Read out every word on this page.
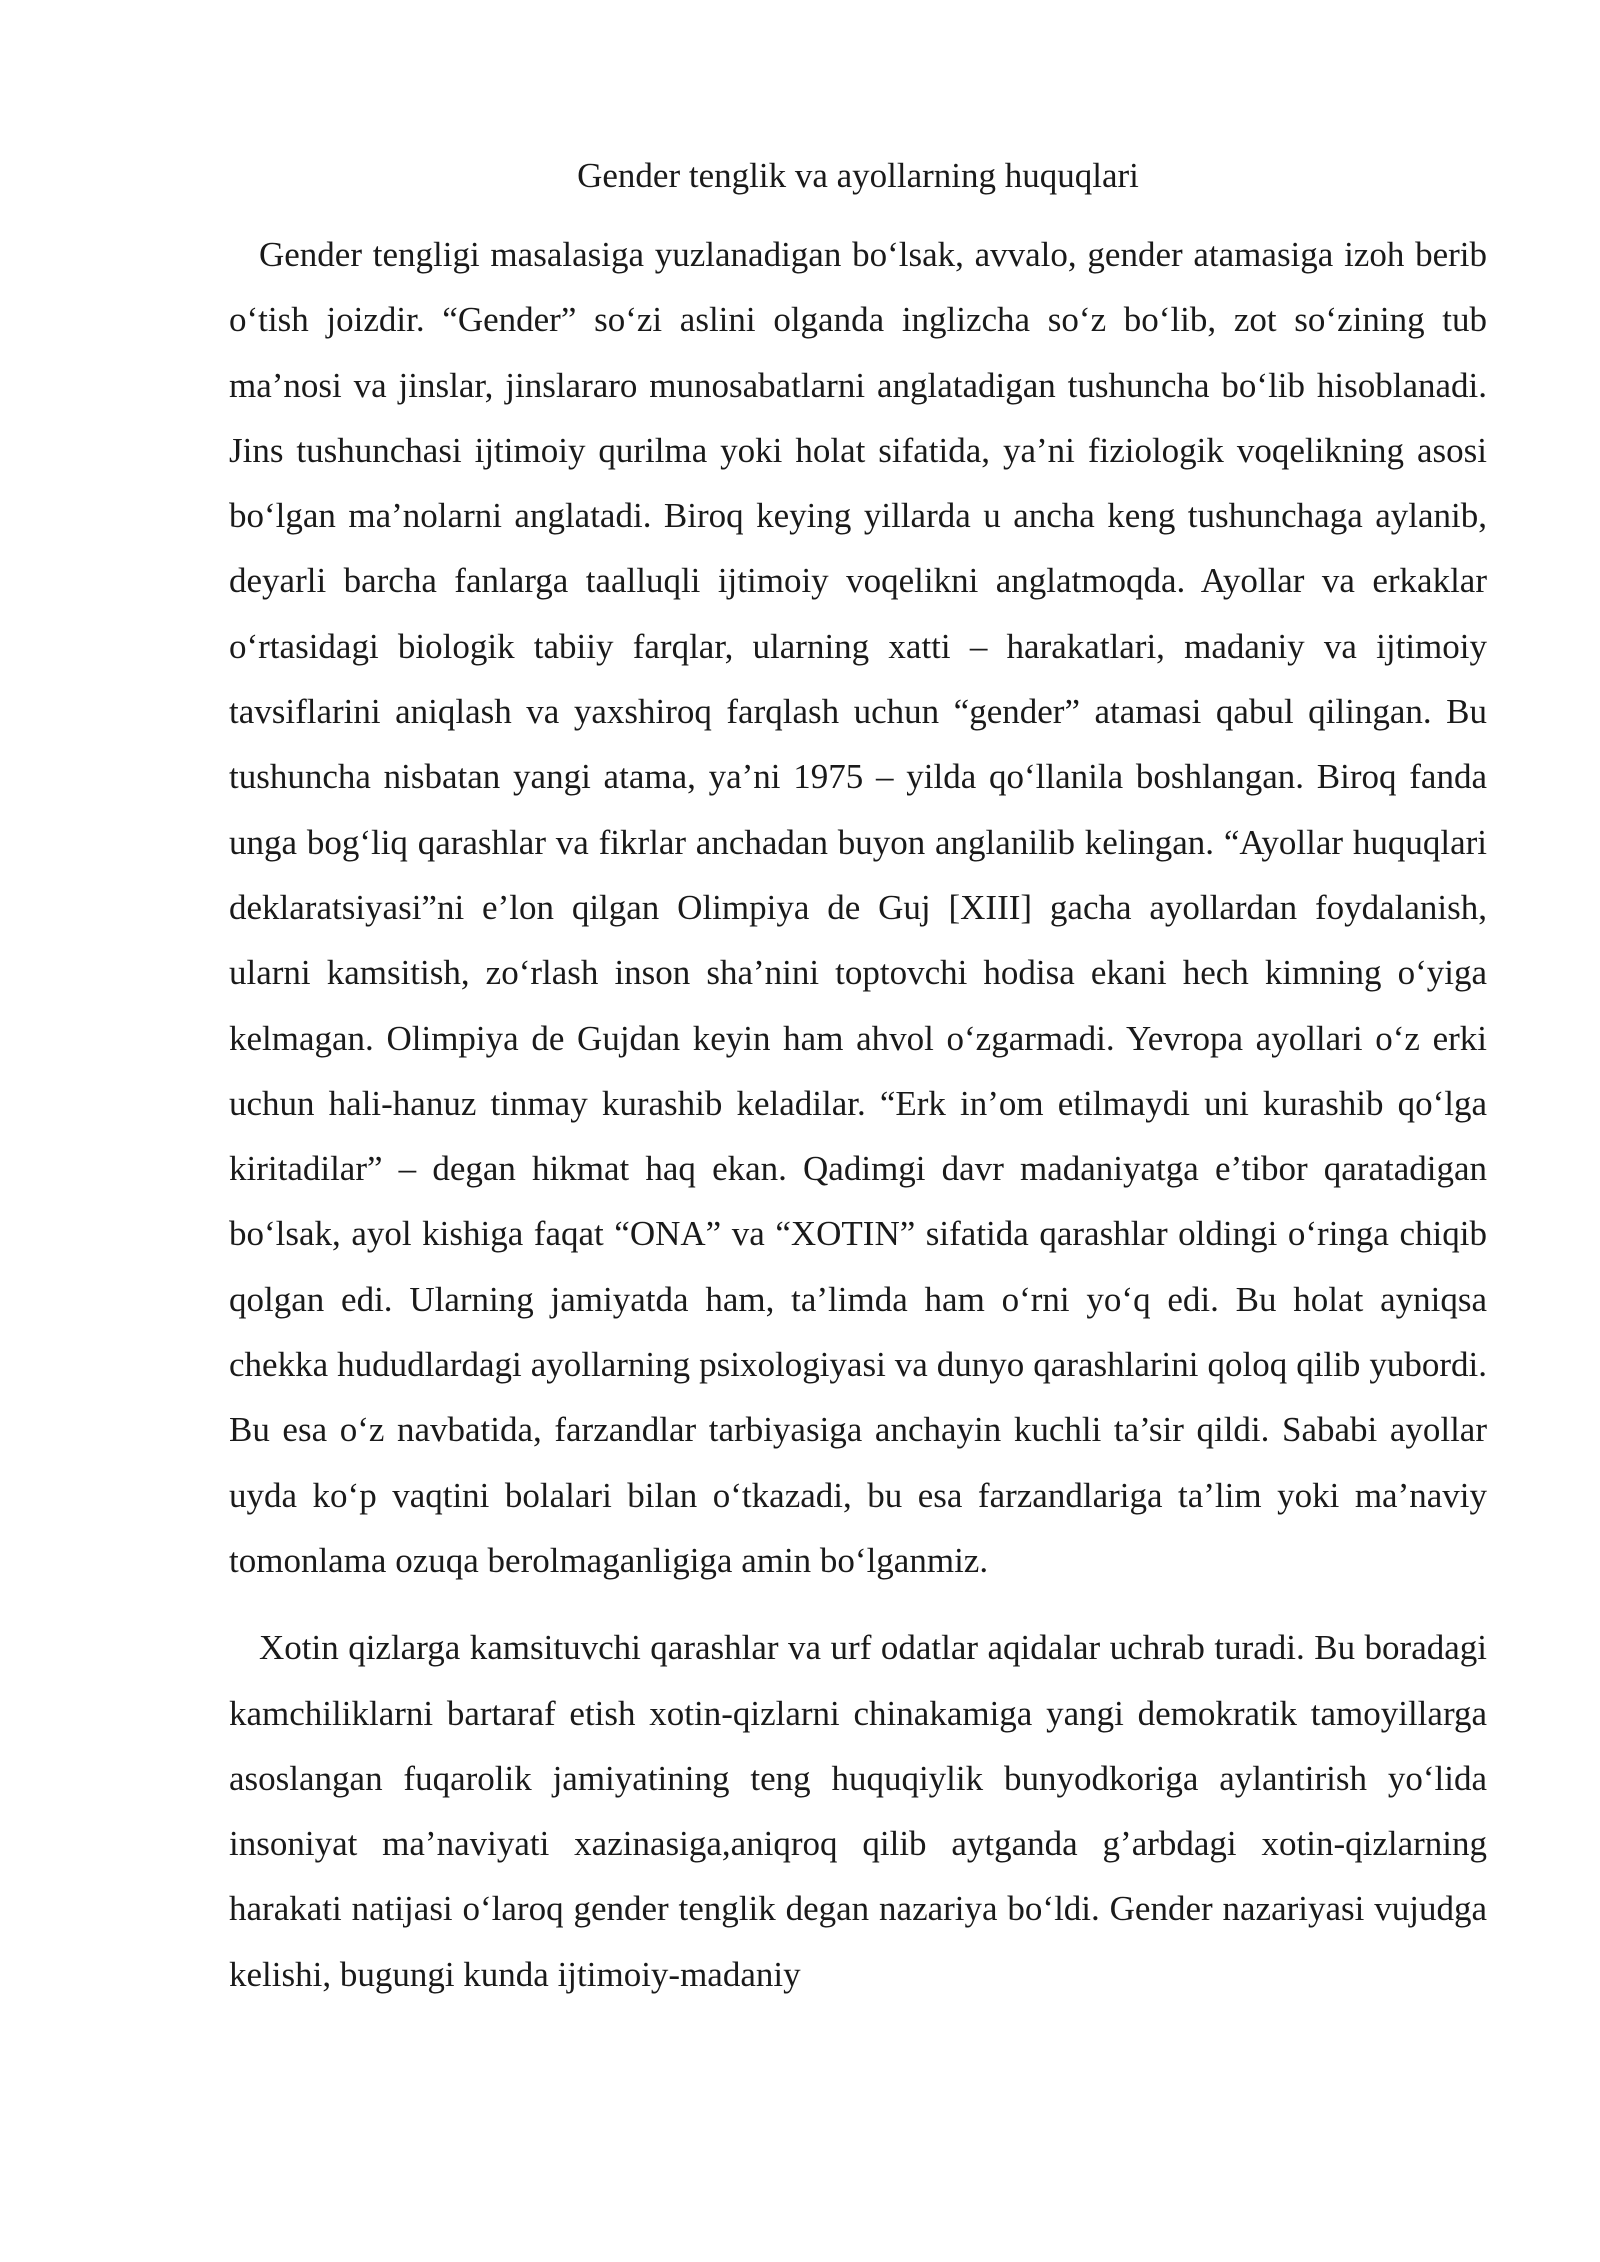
Gender tenglik va ayollarning huquqlari

Gender tengligi masalasiga yuzlanadigan bo‘lsak, avvalo, gender atamasiga izoh berib o‘tish joizdir. “Gender” so‘zi aslini olganda inglizcha so‘z bo‘lib, zot so‘zining tub ma’nosi va jinslar, jinslararo munosabatlarni anglatadigan tushuncha bo‘lib hisoblanadi. Jins tushunchasi ijtimoiy qurilma yoki holat sifatida, ya’ni fiziologik voqelikning asosi bo‘lgan ma’nolarni anglatadi. Biroq keying yillarda u ancha keng tushunchaga aylanib, deyarli barcha fanlarga taalluqli ijtimoiy voqelikni anglatmoqda. Ayollar va erkaklar o‘rtasidagi biologik tabiiy farqlar, ularning xatti – harakatlari, madaniy va ijtimoiy tavsiflarini aniqlash va yaxshiroq farqlash uchun “gender” atamasi qabul qilingan. Bu tushuncha nisbatan yangi atama, ya’ni 1975 – yilda qo‘llanila boshlangan. Biroq fanda unga bog‘liq qarashlar va fikrlar anchadan buyon anglanilib kelingan. “Ayollar huquqlari deklaratsiyasi”ni e’lon qilgan Olimpiya de Guj [XIII] gacha ayollardan foydalanish, ularni kamsitish, zo‘rlash inson sha’nini toptovchi hodisa ekani hech kimning o‘yiga kelmagan. Olimpiya de Gujdan keyin ham ahvol o‘zgarmadi. Yevropa ayollari o‘z erki uchun hali-hanuz tinmay kurashib keladilar. “Erk in’om etilmaydi uni kurashib qo‘lga kiritadilar” – degan hikmat haq ekan. Qadimgi davr madaniyatga e’tibor qaratadigan bo‘lsak, ayol kishiga faqat “ONA” va “XOTIN” sifatida qarashlar oldingi o‘ringa chiqib qolgan edi. Ularning jamiyatda ham, ta’limda ham o‘rni yo‘q edi. Bu holat ayniqsa chekka hududlardagi ayollarning psixologiyasi va dunyo qarashlarini qoloq qilib yubordi. Bu esa o‘z navbatida, farzandlar tarbiyasiga anchayin kuchli ta’sir qildi. Sababi ayollar uyda ko‘p vaqtini bolalari bilan o‘tkazadi, bu esa farzandlariga ta’lim yoki ma’naviy tomonlama ozuqa berolmaganligiga amin bo‘lganmiz.

Xotin qizlarga kamsituvchi qarashlar va urf odatlar aqidalar uchrab turadi. Bu boradagi kamchiliklarni bartaraf etish xotin-qizlarni chinakamiga yangi demokratik tamoyillarga asoslangan fuqarolik jamiyatining teng huquqiylik bunyodkoriga aylantirish yo‘lida insoniyat ma’naviyati xazinasiga,aniqroq qilib aytganda g’arbdagi xotin-qizlarning harakati natijasi o‘laroq gender tenglik degan nazariya bo‘ldi. Gender nazariyasi vujudga kelishi, bugungi kunda ijtimoiy-madaniy
